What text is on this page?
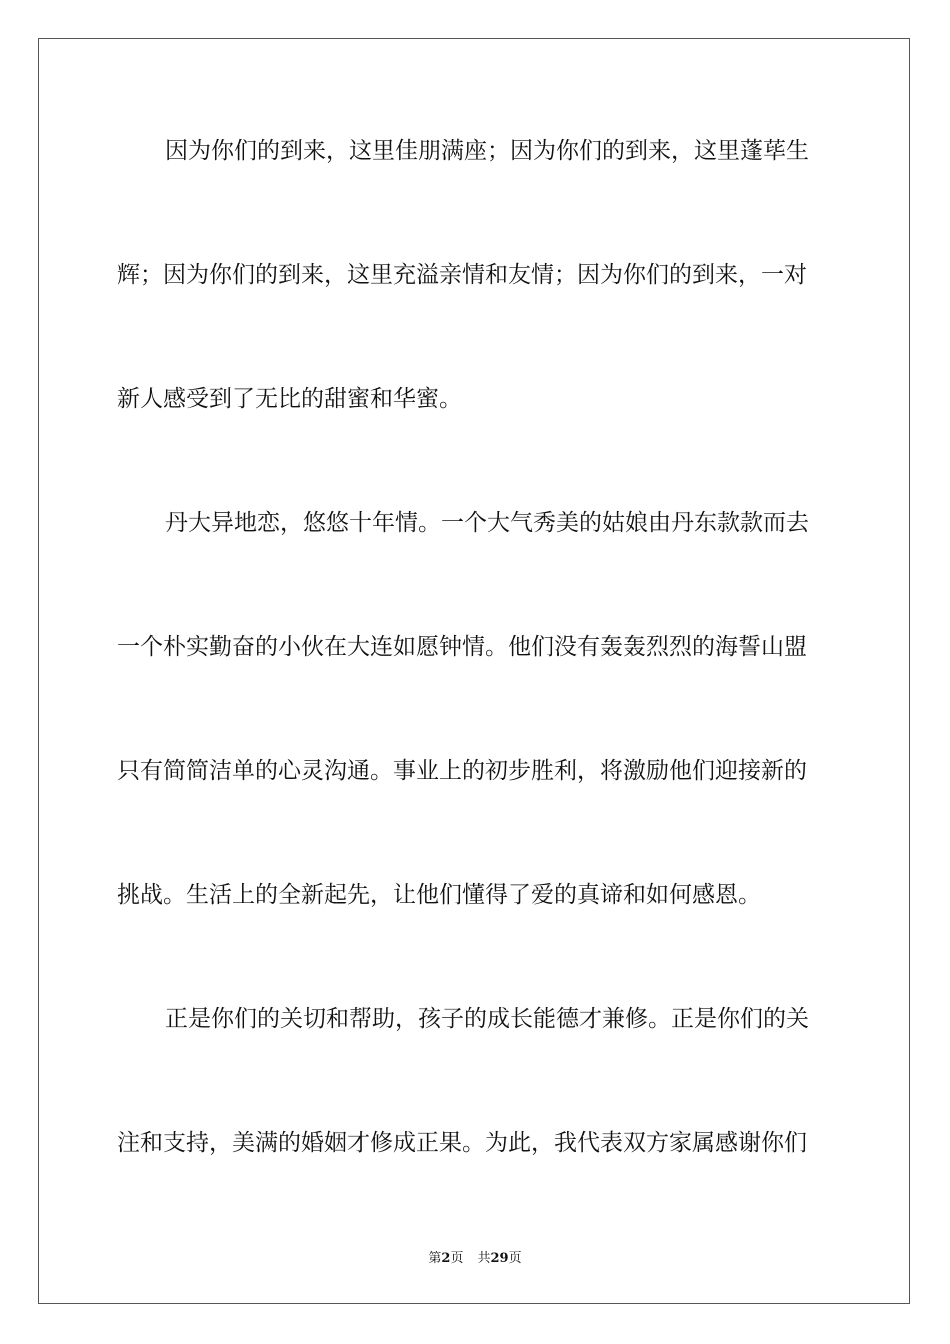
因为你们的到来，这里佳朋满座；因为你们的到来，这里蓬荜生

辉；因为你们的到来，这里充溢亲情和友情；因为你们的到来，一对

新人感受到了无比的甜蜜和华蜜。

丹大异地恋，悠悠十年情。一个大气秀美的姑娘由丹东款款而去

一个朴实勤奋的小伙在大连如愿钟情。他们没有轰轰烈烈的海誓山盟

只有简简洁单的心灵沟通。事业上的初步胜利，将激励他们迎接新的

挑战。生活上的全新起先，让他们懂得了爱的真谛和如何感恩。

正是你们的关切和帮助，孩子的成长能德才兼修。正是你们的关

注和支持，美满的婚姻才修成正果。为此，我代表双方家属感谢你们

第2页 共29页
